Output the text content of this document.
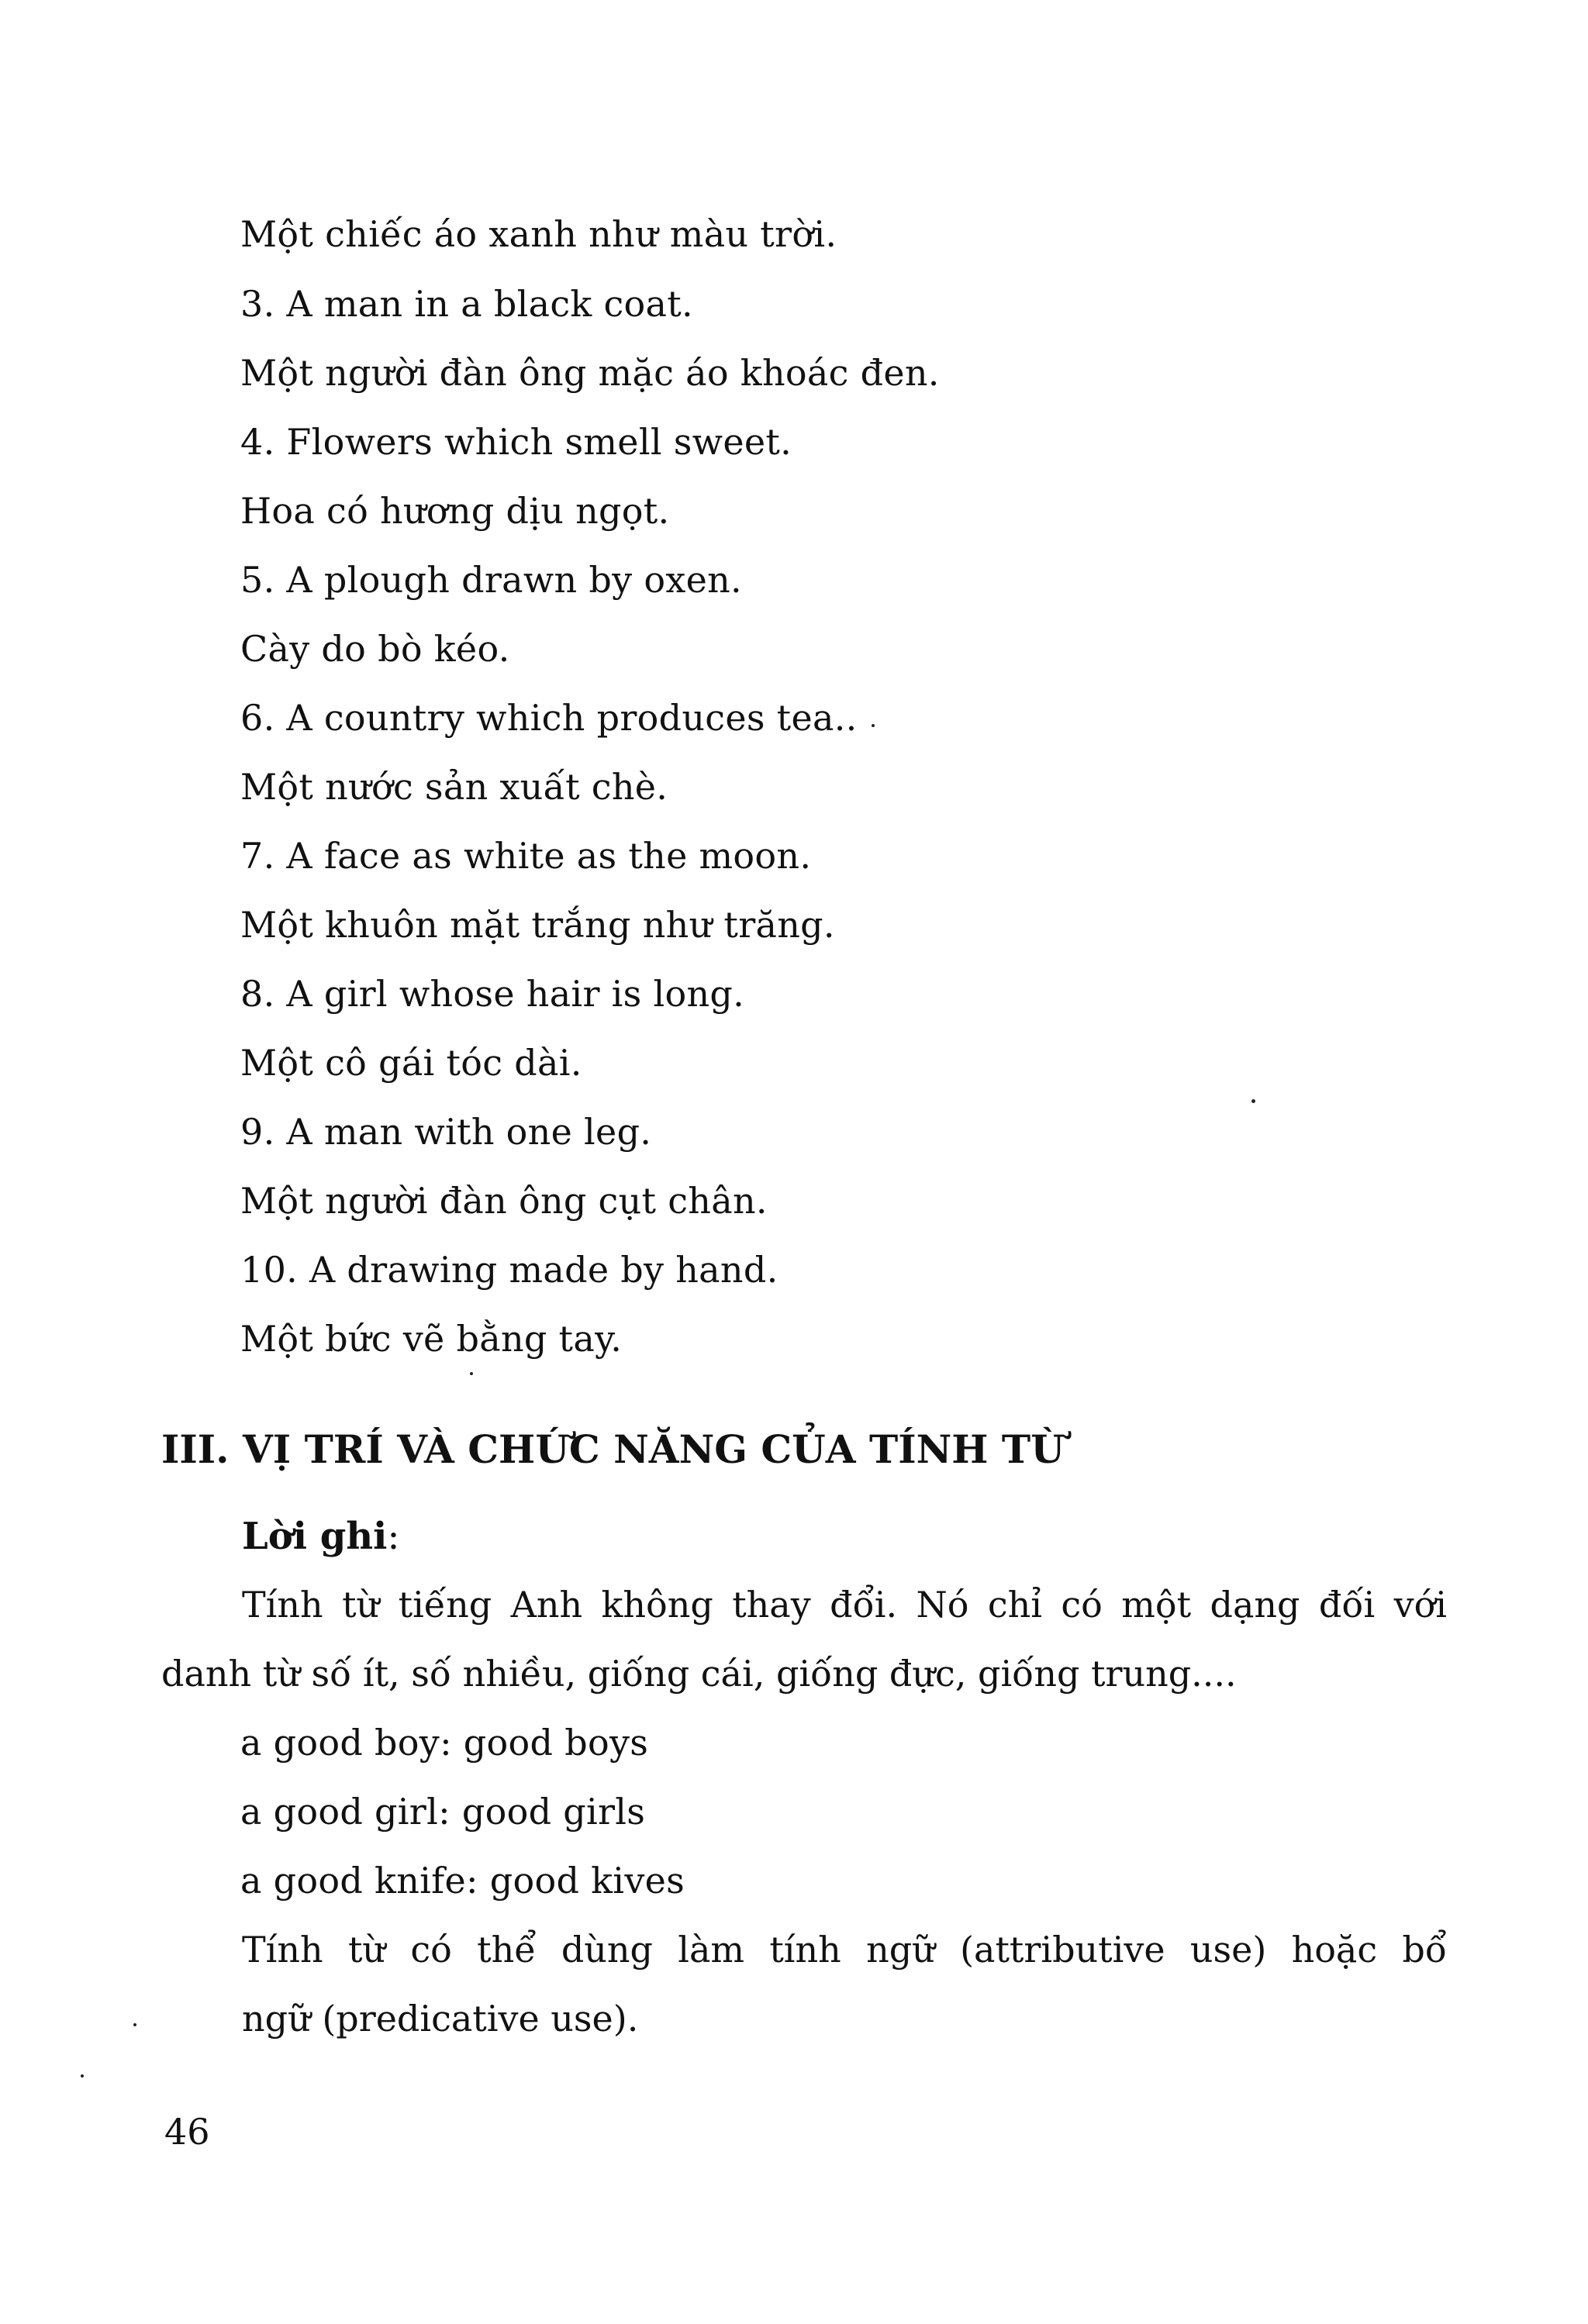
Một chiếc áo xanh như màu trời.
3. A man in a black coat.
Một người đàn ông mặc áo khoác đen.
4. Flowers which smell sweet.
Hoa có hương dịu ngọt.
5. A plough drawn by oxen.
Cày do bò kéo.
6. A country which produces tea..
Một nước sản xuất chè.
7. A face as white as the moon.
Một khuôn mặt trắng như trăng.
8. A girl whose hair is long.
Một cô gái tóc dài.
9. A man with one leg.
Một người đàn ông cụt chân.
10. A drawing made by hand.
Một bức vẽ bằng tay.
III. VỊ TRÍ VÀ CHỨC NĂNG CỦA TÍNH TỪ
Lời ghi:
Tính từ tiếng Anh không thay đổi. Nó chỉ có một dạng đối với
danh từ số ít, số nhiều, giống cái, giống đực, giống trung....
a good boy: good boys
a good girl: good girls
a good knife: good kives
Tính từ có thể dùng làm tính ngữ (attributive use) hoặc bổ
ngữ (predicative use).
46
